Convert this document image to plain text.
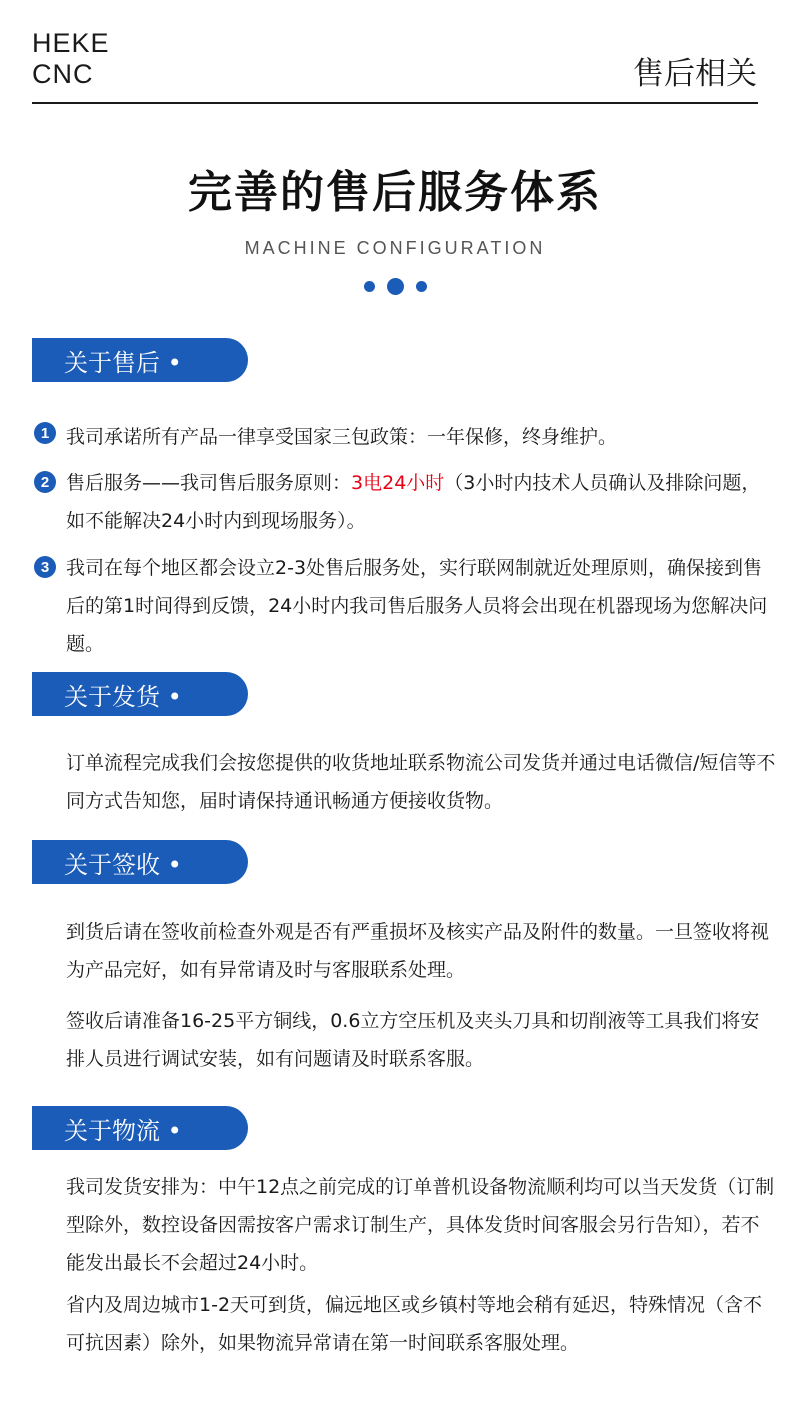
HEKE
CNC	售后相关
完善的售后服务体系
MACHINE CONFIGURATION
关于售后 •
1 我司承诺所有产品一律享受国家三包政策：一年保修，终身维护。
2 售后服务——我司售后服务原则：3电24小时（3小时内技术人员确认及排除问题，如不能解决24小时内到现场服务）。
3 我司在每个地区都会设立2-3处售后服务处，实行联网制就近处理原则，确保接到售后的第1时间得到反馈，24小时内我司售后服务人员将会出现在机器现场为您解决问题。
关于发货 •
订单流程完成我们会按您提供的收货地址联系物流公司发货并通过电话微信/短信等不同方式告知您，届时请保持通讯畅通方便接收货物。
关于签收 •
到货后请在签收前检查外观是否有严重损坏及核实产品及附件的数量。一旦签收将视为产品完好，如有异常请及时与客服联系处理。
签收后请准备16-25平方铜线，0.6立方空压机及夹头刀具和切削液等工具我们将安排人员进行调试安装，如有问题请及时联系客服。
关于物流 •
我司发货安排为：中午12点之前完成的订单普机设备物流顺利均可以当天发货（订制型除外，数控设备因需按客户需求订制生产，具体发货时间客服会另行告知），若不能发出最长不会超过24小时。
省内及周边城市1-2天可到货，偏远地区或乡镇村等地会稍有延迟，特殊情况（含不可抗因素）除外，如果物流异常请在第一时间联系客服处理。
